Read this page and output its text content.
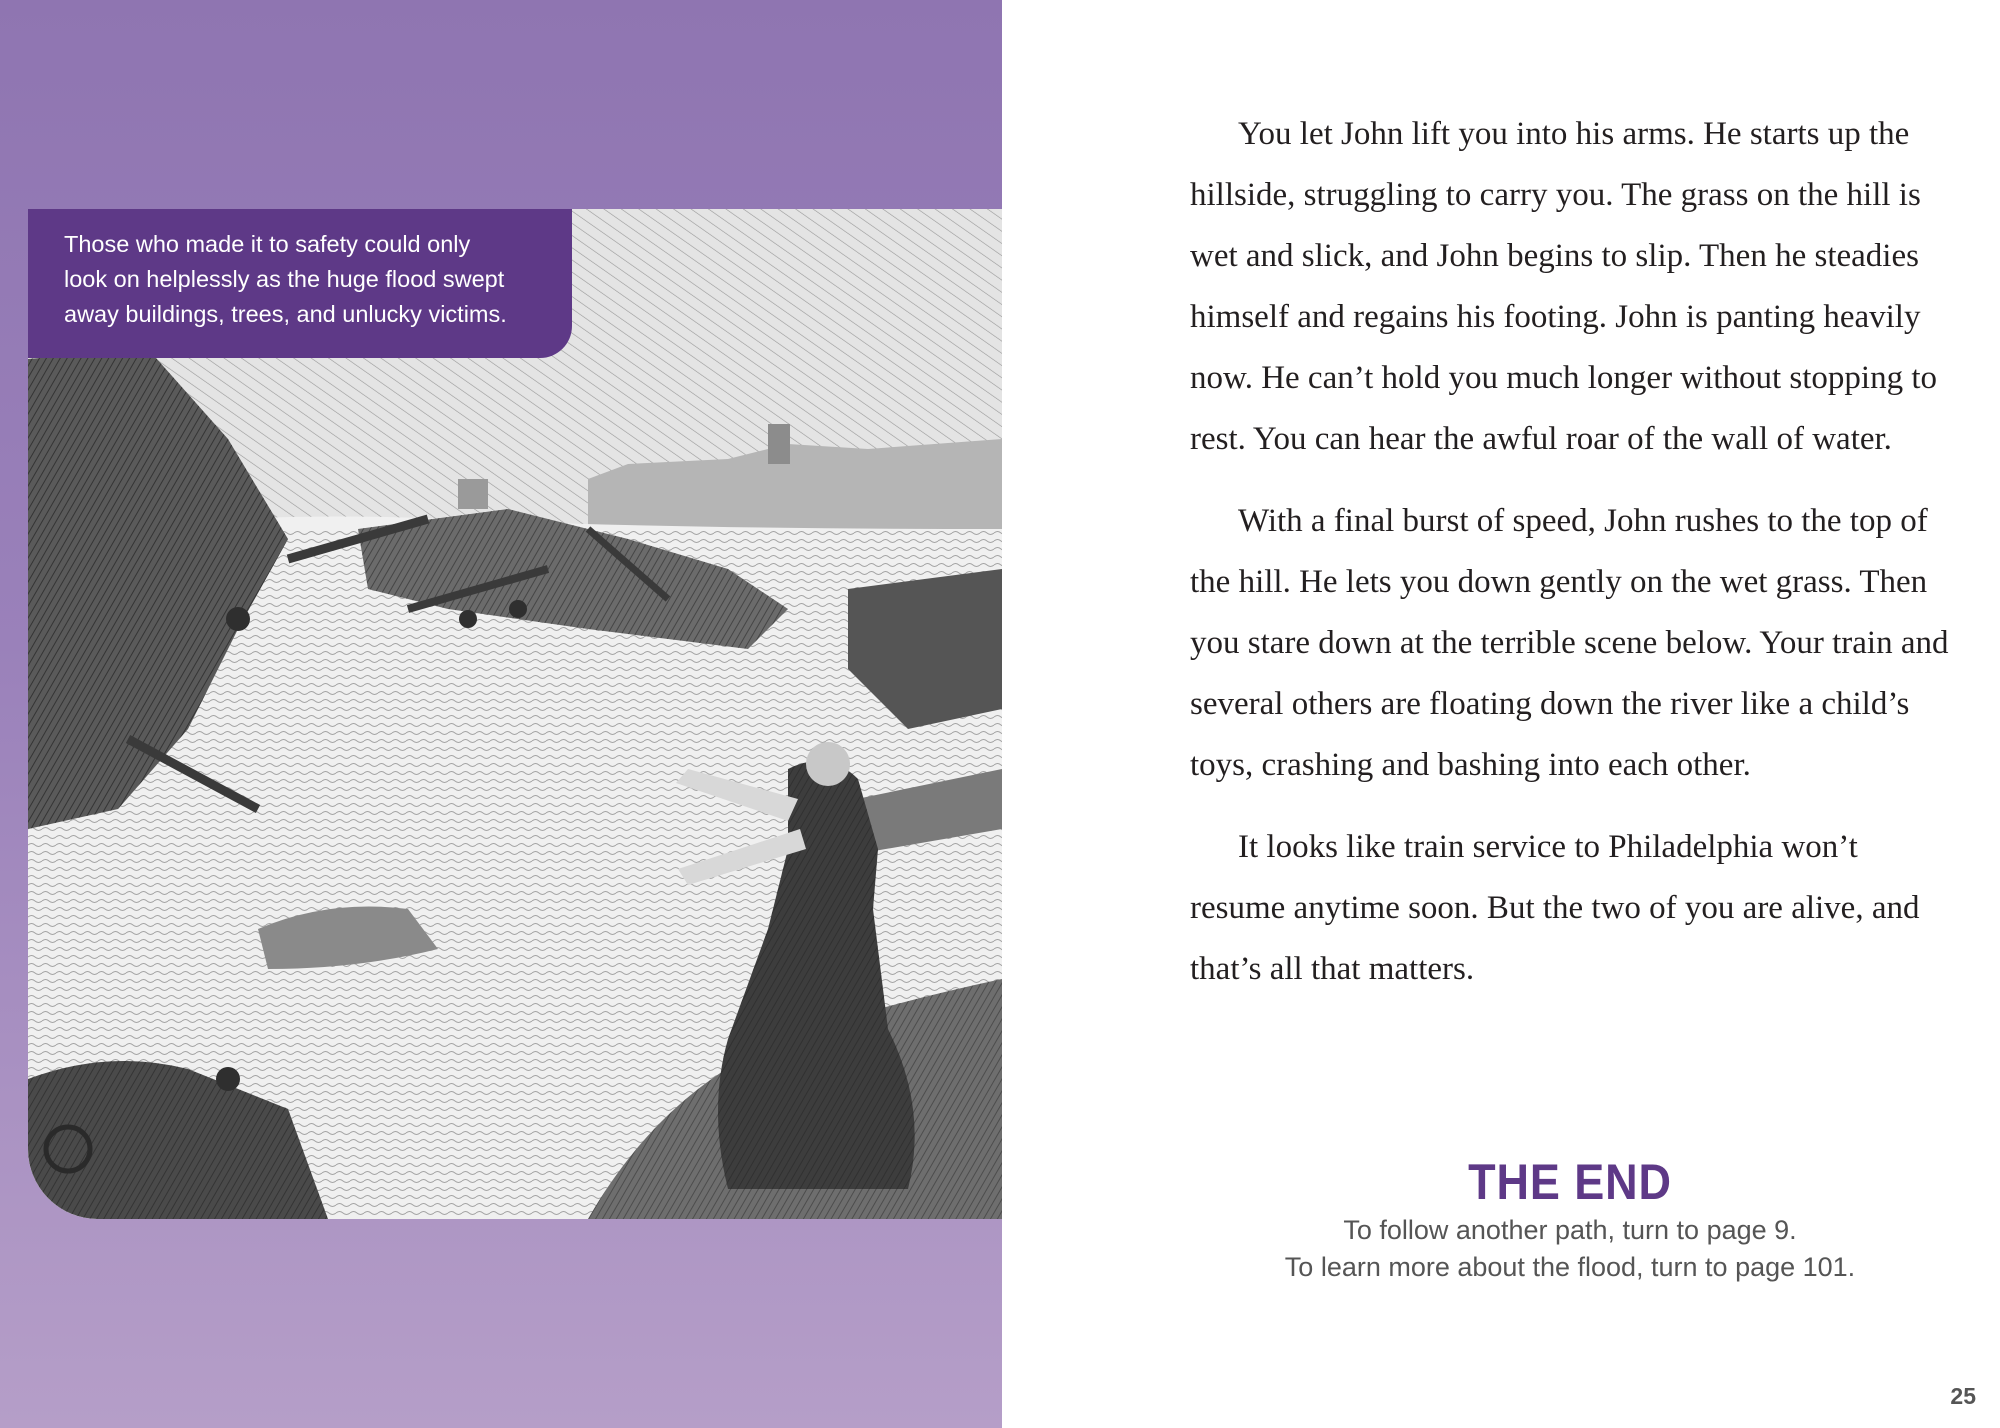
Those who made it to safety could only
look on helplessly as the huge flood swept
away buildings, trees, and unlucky victims.

You let John lift you into his arms. He starts up the hillside, struggling to carry you. The grass on the hill is wet and slick, and John begins to slip. Then he steadies himself and regains his footing. John is panting heavily now. He can’t hold you much longer without stopping to rest. You can hear the awful roar of the wall of water.

With a final burst of speed, John rushes to the top of the hill. He lets you down gently on the wet grass. Then you stare down at the terrible scene below. Your train and several others are floating down the river like a child’s toys, crashing and bashing into each other.

It looks like train service to Philadelphia won’t resume anytime soon. But the two of you are alive, and that’s all that matters.

THE END

To follow another path, turn to page 9.

To learn more about the flood, turn to page 101.

25
